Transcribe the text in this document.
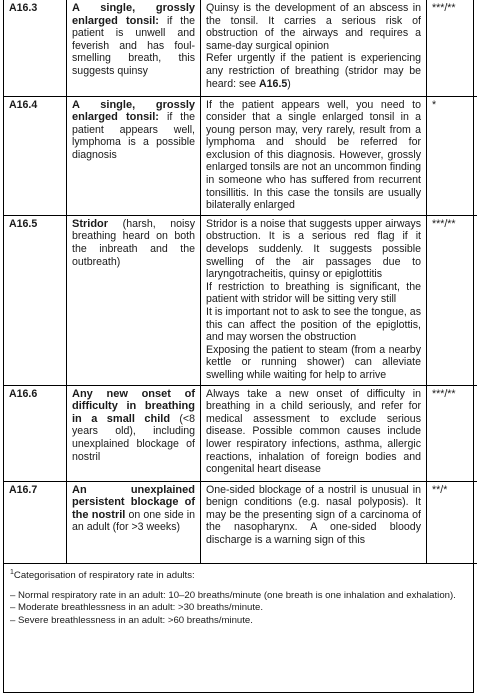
A16.3	A single, grossly enlarged tonsil: if the patient is unwell and feverish and has foul-smelling breath, this suggests quinsy	Quinsy is the development of an abscess in the tonsil. It carries a serious risk of obstruction of the airways and requires a same-day surgical opinion

Refer urgently if the patient is experiencing any restriction of breathing (stridor may be heard: see A16.5)	***/**
A16.4	A single, grossly enlarged tonsil: if the patient appears well, lymphoma is a possible diagnosis	If the patient appears well, you need to consider that a single enlarged tonsil in a young person may, very rarely, result from a lymphoma and should be referred for exclusion of this diagnosis. However, grossly enlarged tonsils are not an uncommon finding in someone who has suffered from recurrent tonsillitis. In this case the tonsils are usually bilaterally enlarged	*
A16.5	Stridor (harsh, noisy breathing heard on both the inbreath and the outbreath)	Stridor is a noise that suggests upper airways obstruction. It is a serious red flag if it develops suddenly. It suggests possible swelling of the air passages due to laryngotracheitis, quinsy or epiglottitis

If restriction to breathing is significant, the patient with stridor will be sitting very still

It is important not to ask to see the tongue, as this can affect the position of the epiglottis, and may worsen the obstruction

Exposing the patient to steam (from a nearby kettle or running shower) can alleviate swelling while waiting for help to arrive	***/**
A16.6	Any new onset of difficulty in breathing in a small child (<8 years old), including unexplained blockage of nostril	Always take a new onset of difficulty in breathing in a child seriously, and refer for medical assessment to exclude serious disease. Possible common causes include lower respiratory infections, asthma, allergic reactions, inhalation of foreign bodies and congenital heart disease	***/**
A16.7	An unexplained persistent blockage of the nostril on one side in an adult (for >3 weeks)	One-sided blockage of a nostril is unusual in benign conditions (e.g. nasal polyposis). It may be the presenting sign of a carcinoma of the nasopharynx. A one-sided bloody discharge is a warning sign of this	**/*

$^1$Categorisation of respiratory rate in adults:

– Normal respiratory rate in an adult: 10–20 breaths/minute (one breath is one inhalation and exhalation).
– Moderate breathlessness in an adult: >30 breaths/minute.
– Severe breathlessness in an adult: >60 breaths/minute.
